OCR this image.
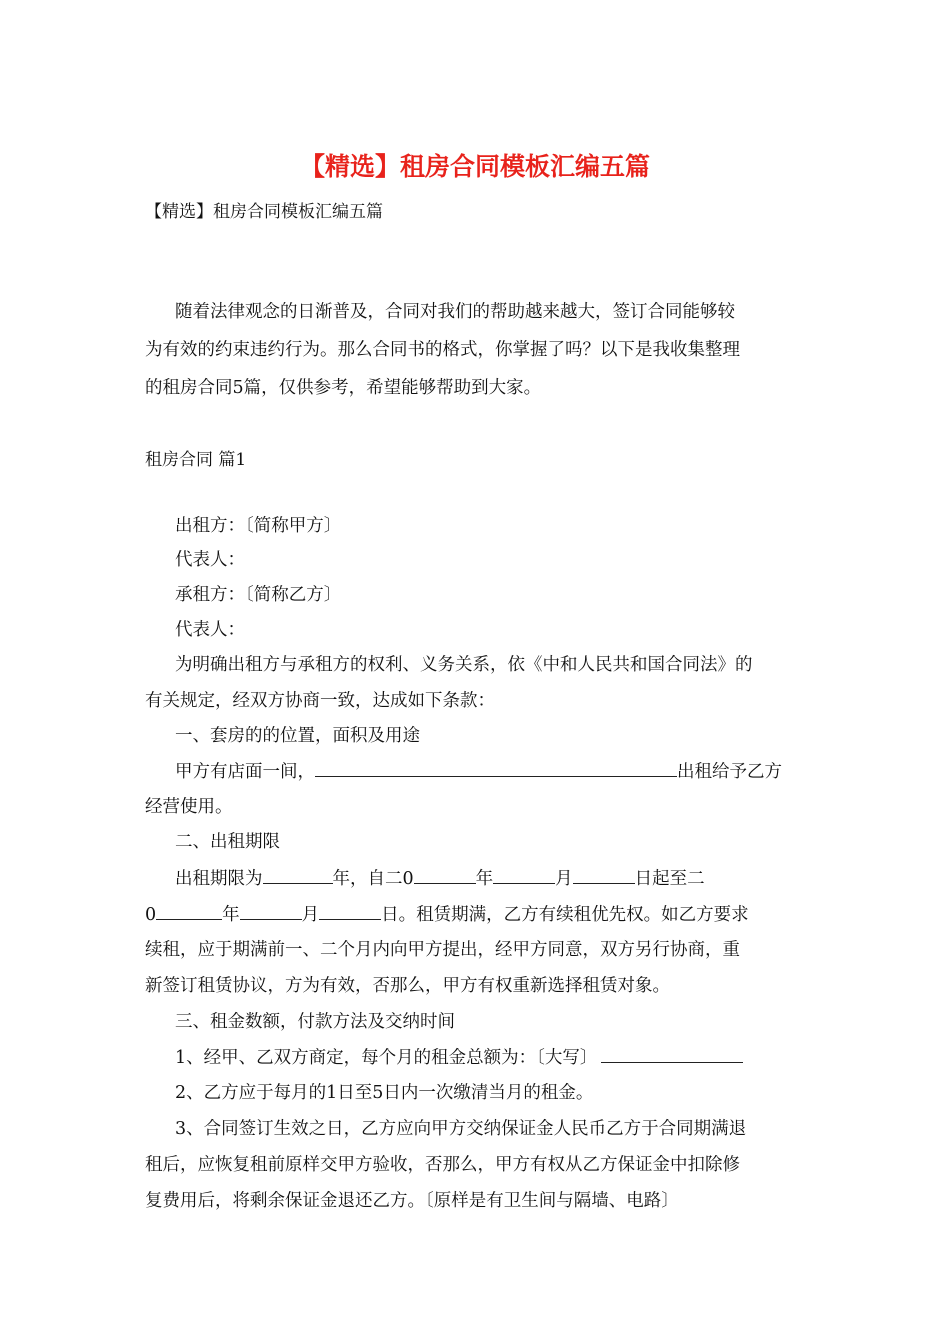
【精选】租房合同模板汇编五篇
【精选】租房合同模板汇编五篇
随着法律观念的日渐普及，合同对我们的帮助越来越大，签订合同能够较
为有效的约束违约行为。那么合同书的格式，你掌握了吗？以下是我收集整理
的租房合同5篇，仅供参考，希望能够帮助到大家。
租房合同 篇1
出租方：〔简称甲方〕
代表人：
承租方：〔简称乙方〕
代表人：
为明确出租方与承租方的权利、义务关系，依《中和人民共和国合同法》的
有关规定，经双方协商一致，达成如下条款：
一、套房的的位置，面积及用途
甲方有店面一间，	出租给予乙方
经营使用。
二、出租期限
出租期限为	年，自二0	年	月	日起至二
0	年	月	日。租赁期满，乙方有续租优先权。如乙方要求
续租，应于期满前一、二个月内向甲方提出，经甲方同意，双方另行协商，重
新签订租赁协议，方为有效，否那么，甲方有权重新选择租赁对象。
三、租金数额，付款方法及交纳时间
1、经甲、乙双方商定，每个月的租金总额为：〔大写〕
2、乙方应于每月的1日至5日内一次缴清当月的租金。
3、合同签订生效之日，乙方应向甲方交纳保证金人民币乙方于合同期满退
租后，应恢复租前原样交甲方验收，否那么，甲方有权从乙方保证金中扣除修
复费用后，将剩余保证金退还乙方。〔原样是有卫生间与隔墙、电路〕
